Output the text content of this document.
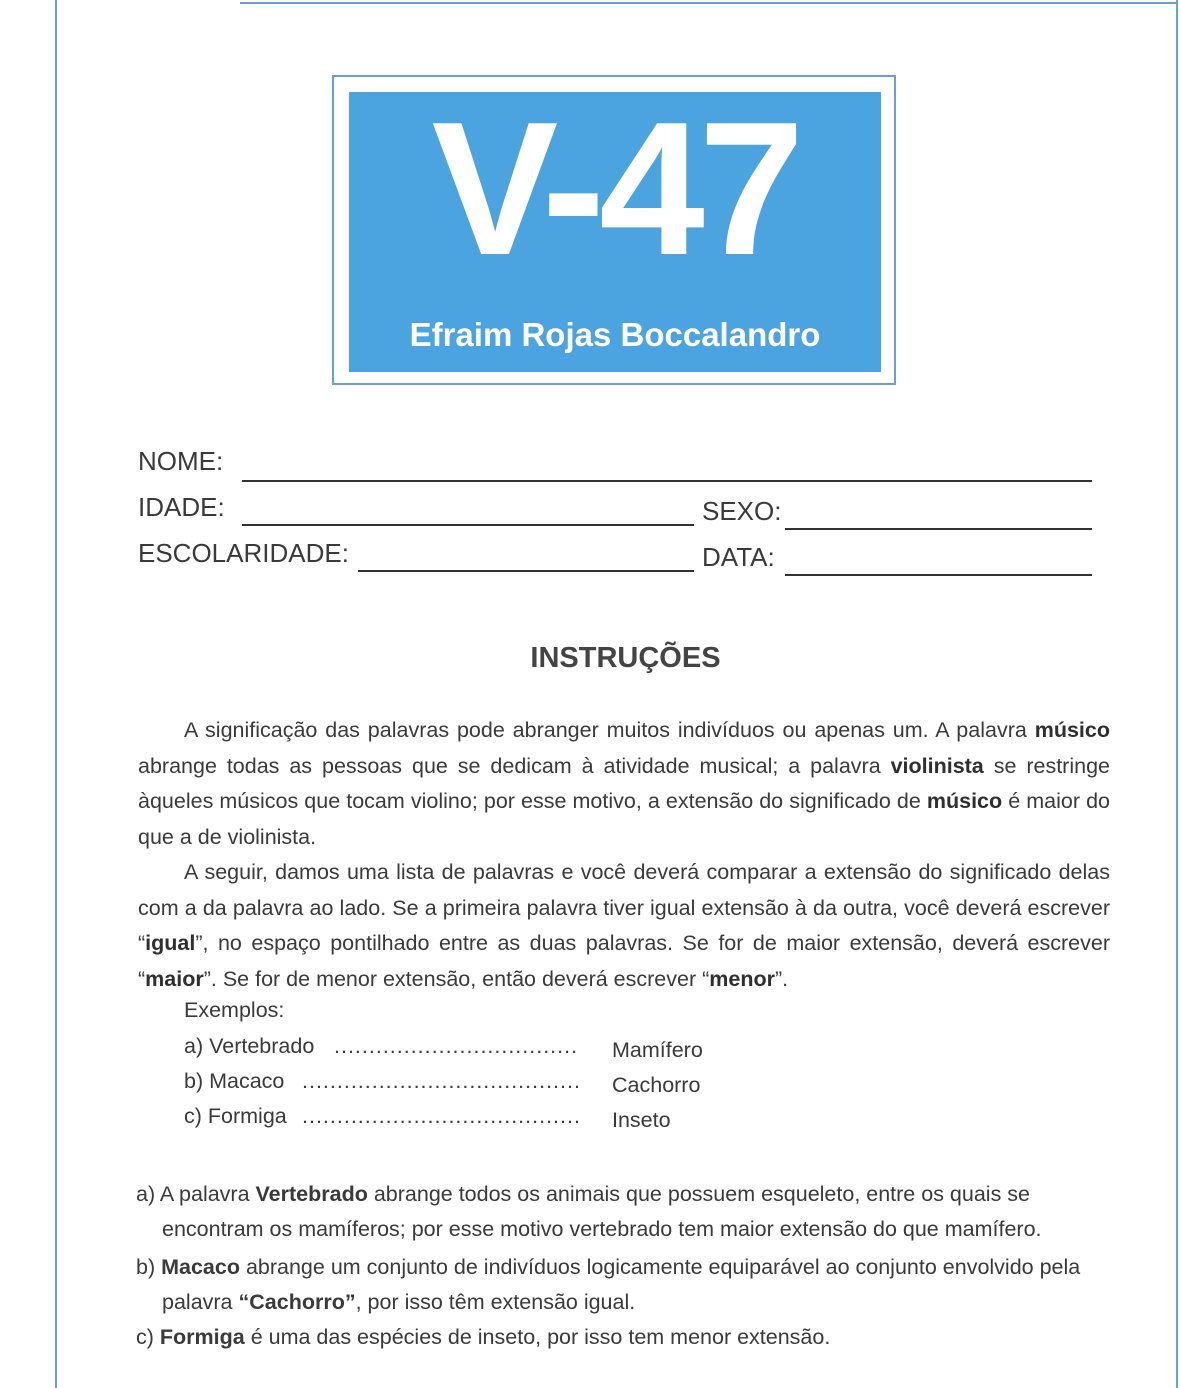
V-47
Efraim Rojas Boccalandro
NOME:
IDADE:	SEXO:
ESCOLARIDADE:	DATA:
INSTRUÇÕES
A significação das palavras pode abranger muitos indivíduos ou apenas um. A palavra músico abrange todas as pessoas que se dedicam à atividade musical; a palavra violinista se restringe àqueles músicos que tocam violino; por esse motivo, a extensão do significado de músico é maior do que a de violinista.
A seguir, damos uma lista de palavras e você deverá comparar a extensão do significado delas com a da palavra ao lado. Se a primeira palavra tiver igual extensão à da outra, você deverá escrever “igual”, no espaço pontilhado entre as duas palavras. Se for de maior extensão, deverá escrever “maior”. Se for de menor extensão, então deverá escrever “menor”.
Exemplos:
a) Vertebrado ................................... Mamífero
b) Macaco ........................................ Cachorro
c) Formiga ........................................ Inseto
a) A palavra Vertebrado abrange todos os animais que possuem esqueleto, entre os quais se encontram os mamíferos; por esse motivo vertebrado tem maior extensão do que mamífero.
b) Macaco abrange um conjunto de indivíduos logicamente equiparável ao conjunto envolvido pela palavra “Cachorro”, por isso têm extensão igual.
c) Formiga é uma das espécies de inseto, por isso tem menor extensão.
